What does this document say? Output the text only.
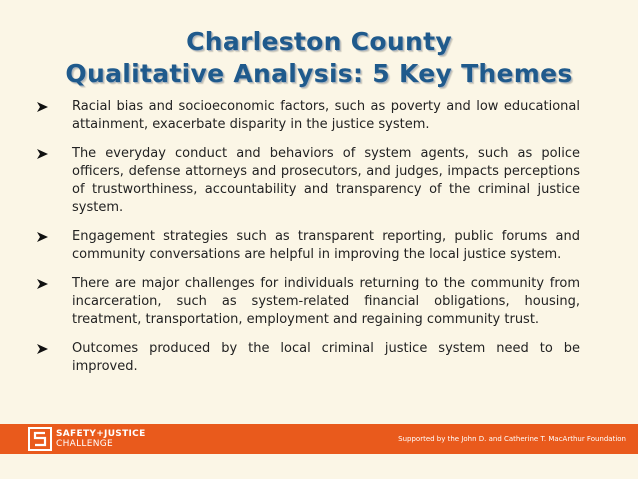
Charleston County
Qualitative Analysis: 5 Key Themes
Racial bias and socioeconomic factors, such as poverty and low educational attainment, exacerbate disparity in the justice system.
The everyday conduct and behaviors of system agents, such as police officers, defense attorneys and prosecutors, and judges, impacts perceptions of trustworthiness, accountability and transparency of the criminal justice system.
Engagement strategies such as transparent reporting, public forums and community conversations are helpful in improving the local justice system.
There are major challenges for individuals returning to the community from incarceration, such as system-related financial obligations, housing, treatment, transportation, employment and regaining community trust.
Outcomes produced by the local criminal justice system need to be improved.
SAFETY+JUSTICE
CHALLENGE	Supported by the John D. and Catherine T. MacArthur Foundation
